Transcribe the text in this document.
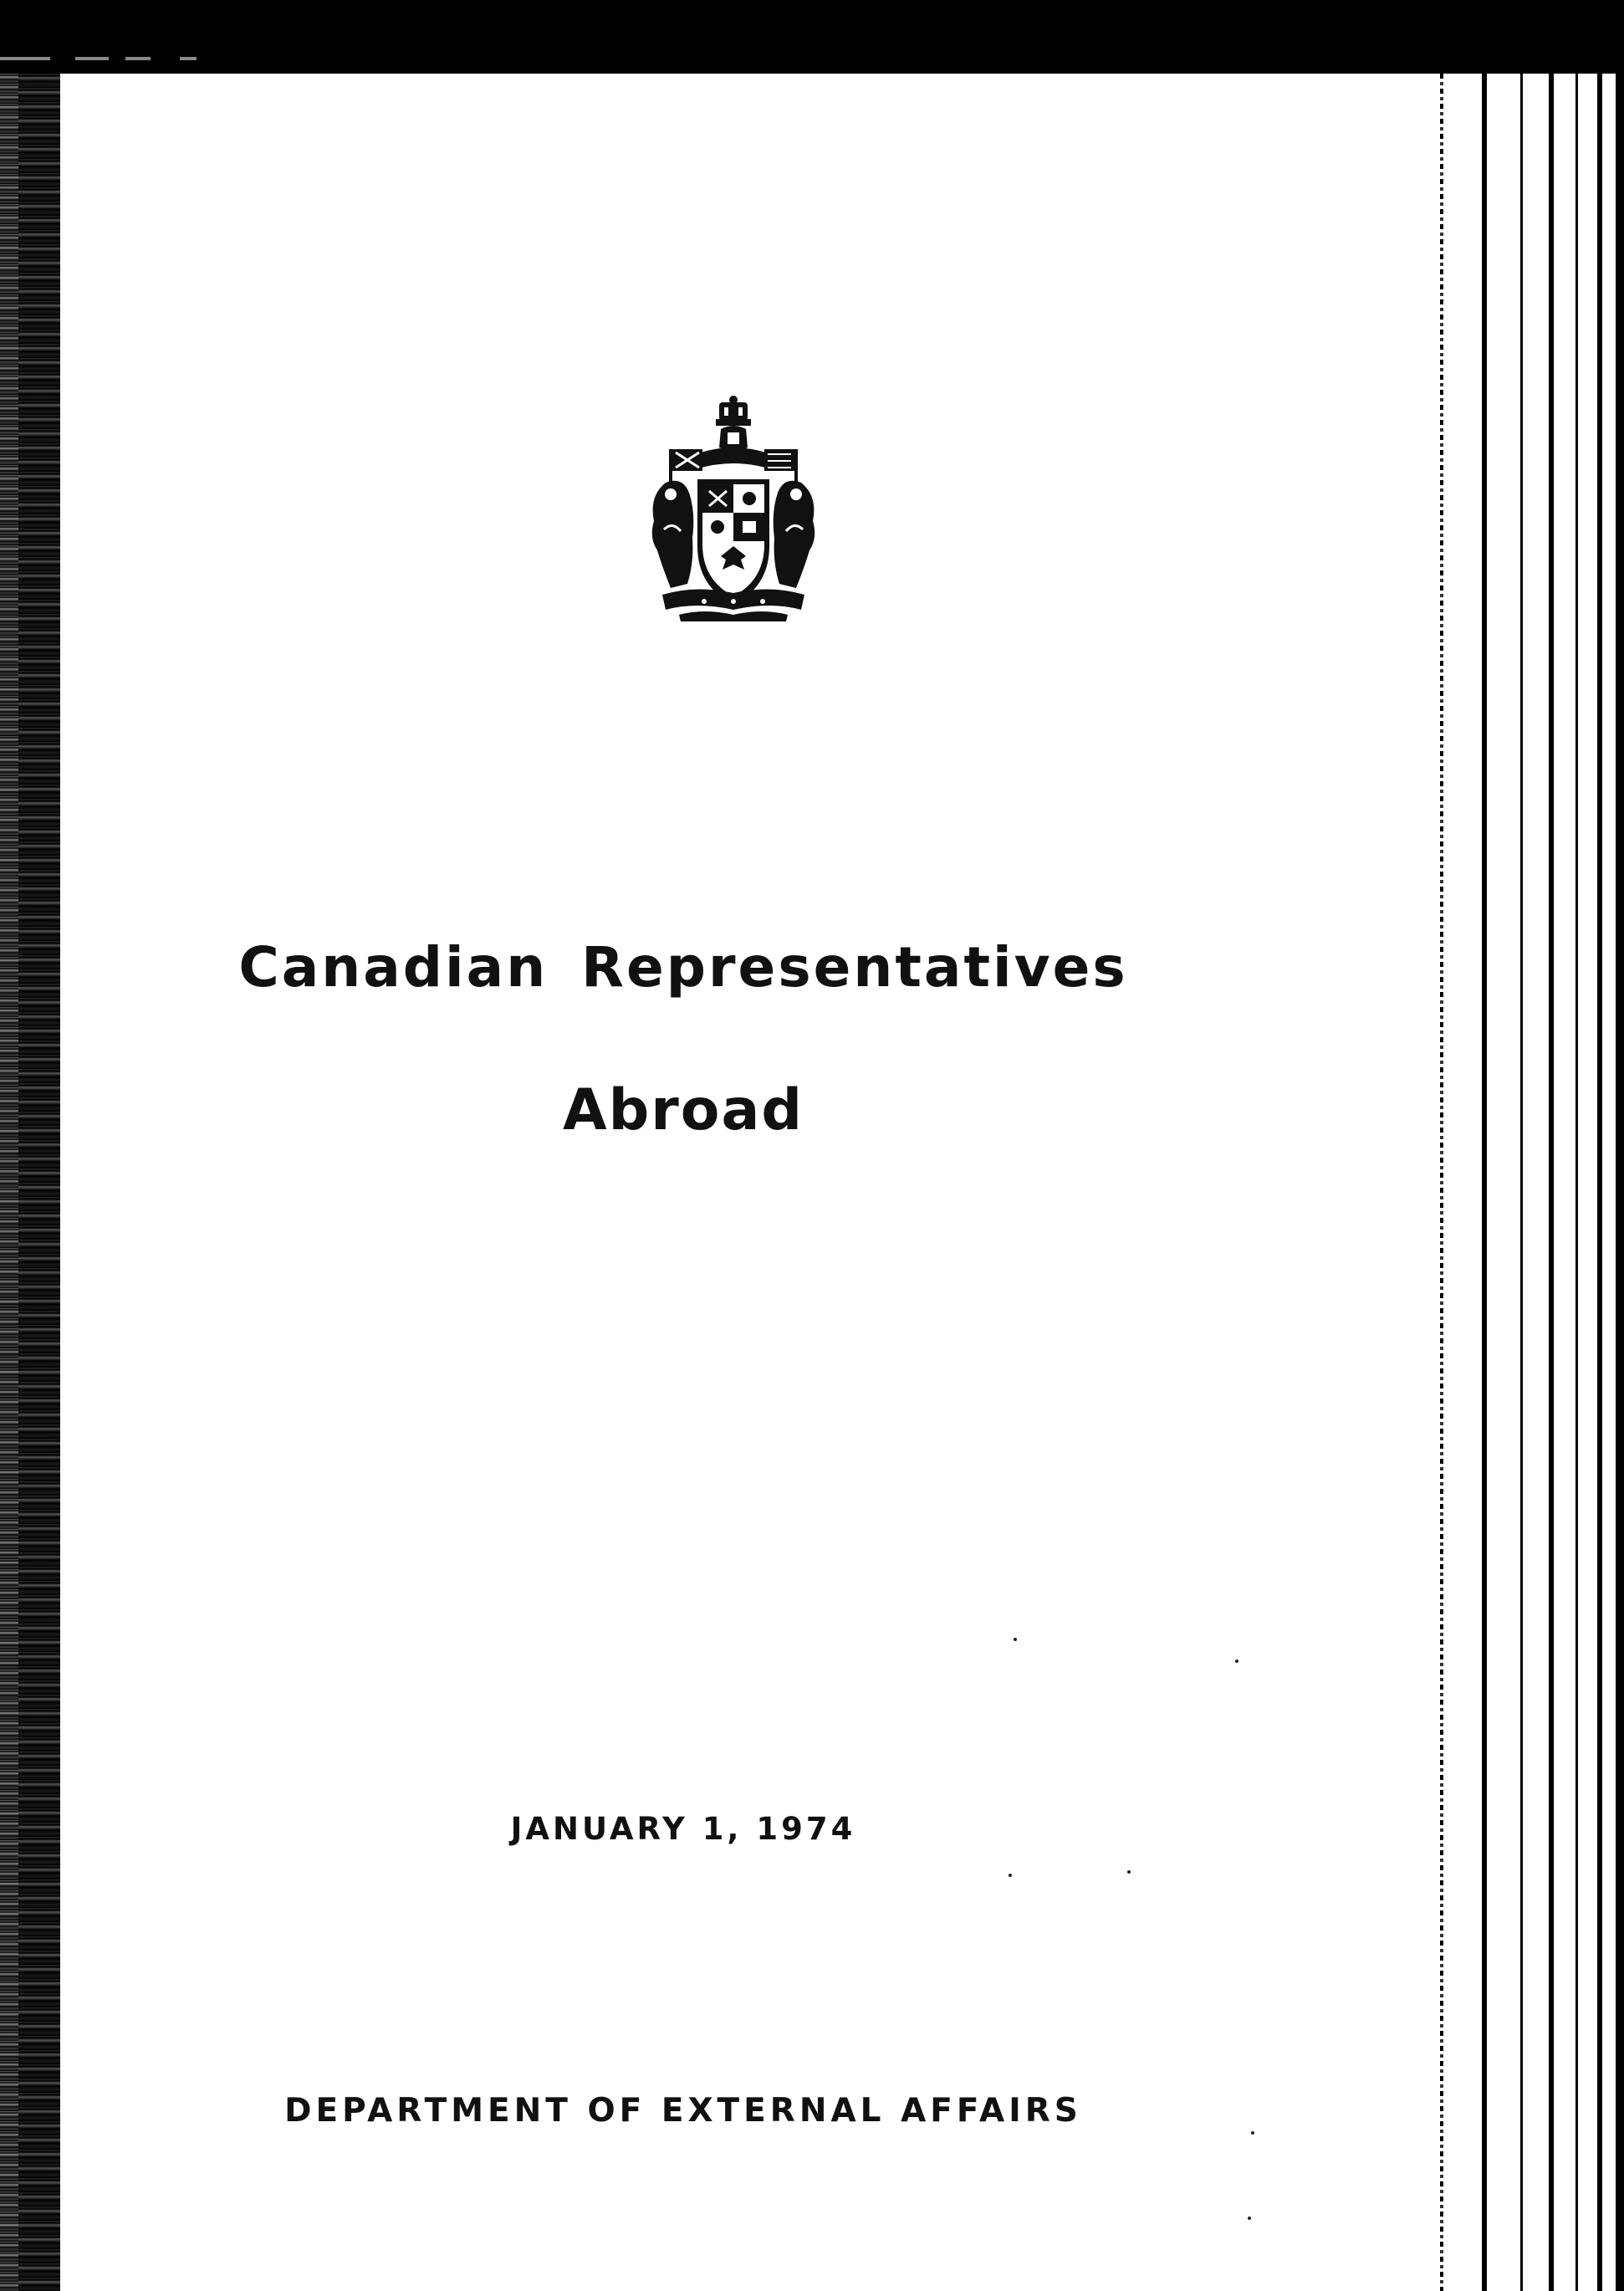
Canadian Representatives
Abroad
JANUARY 1, 1974
DEPARTMENT OF EXTERNAL AFFAIRS
